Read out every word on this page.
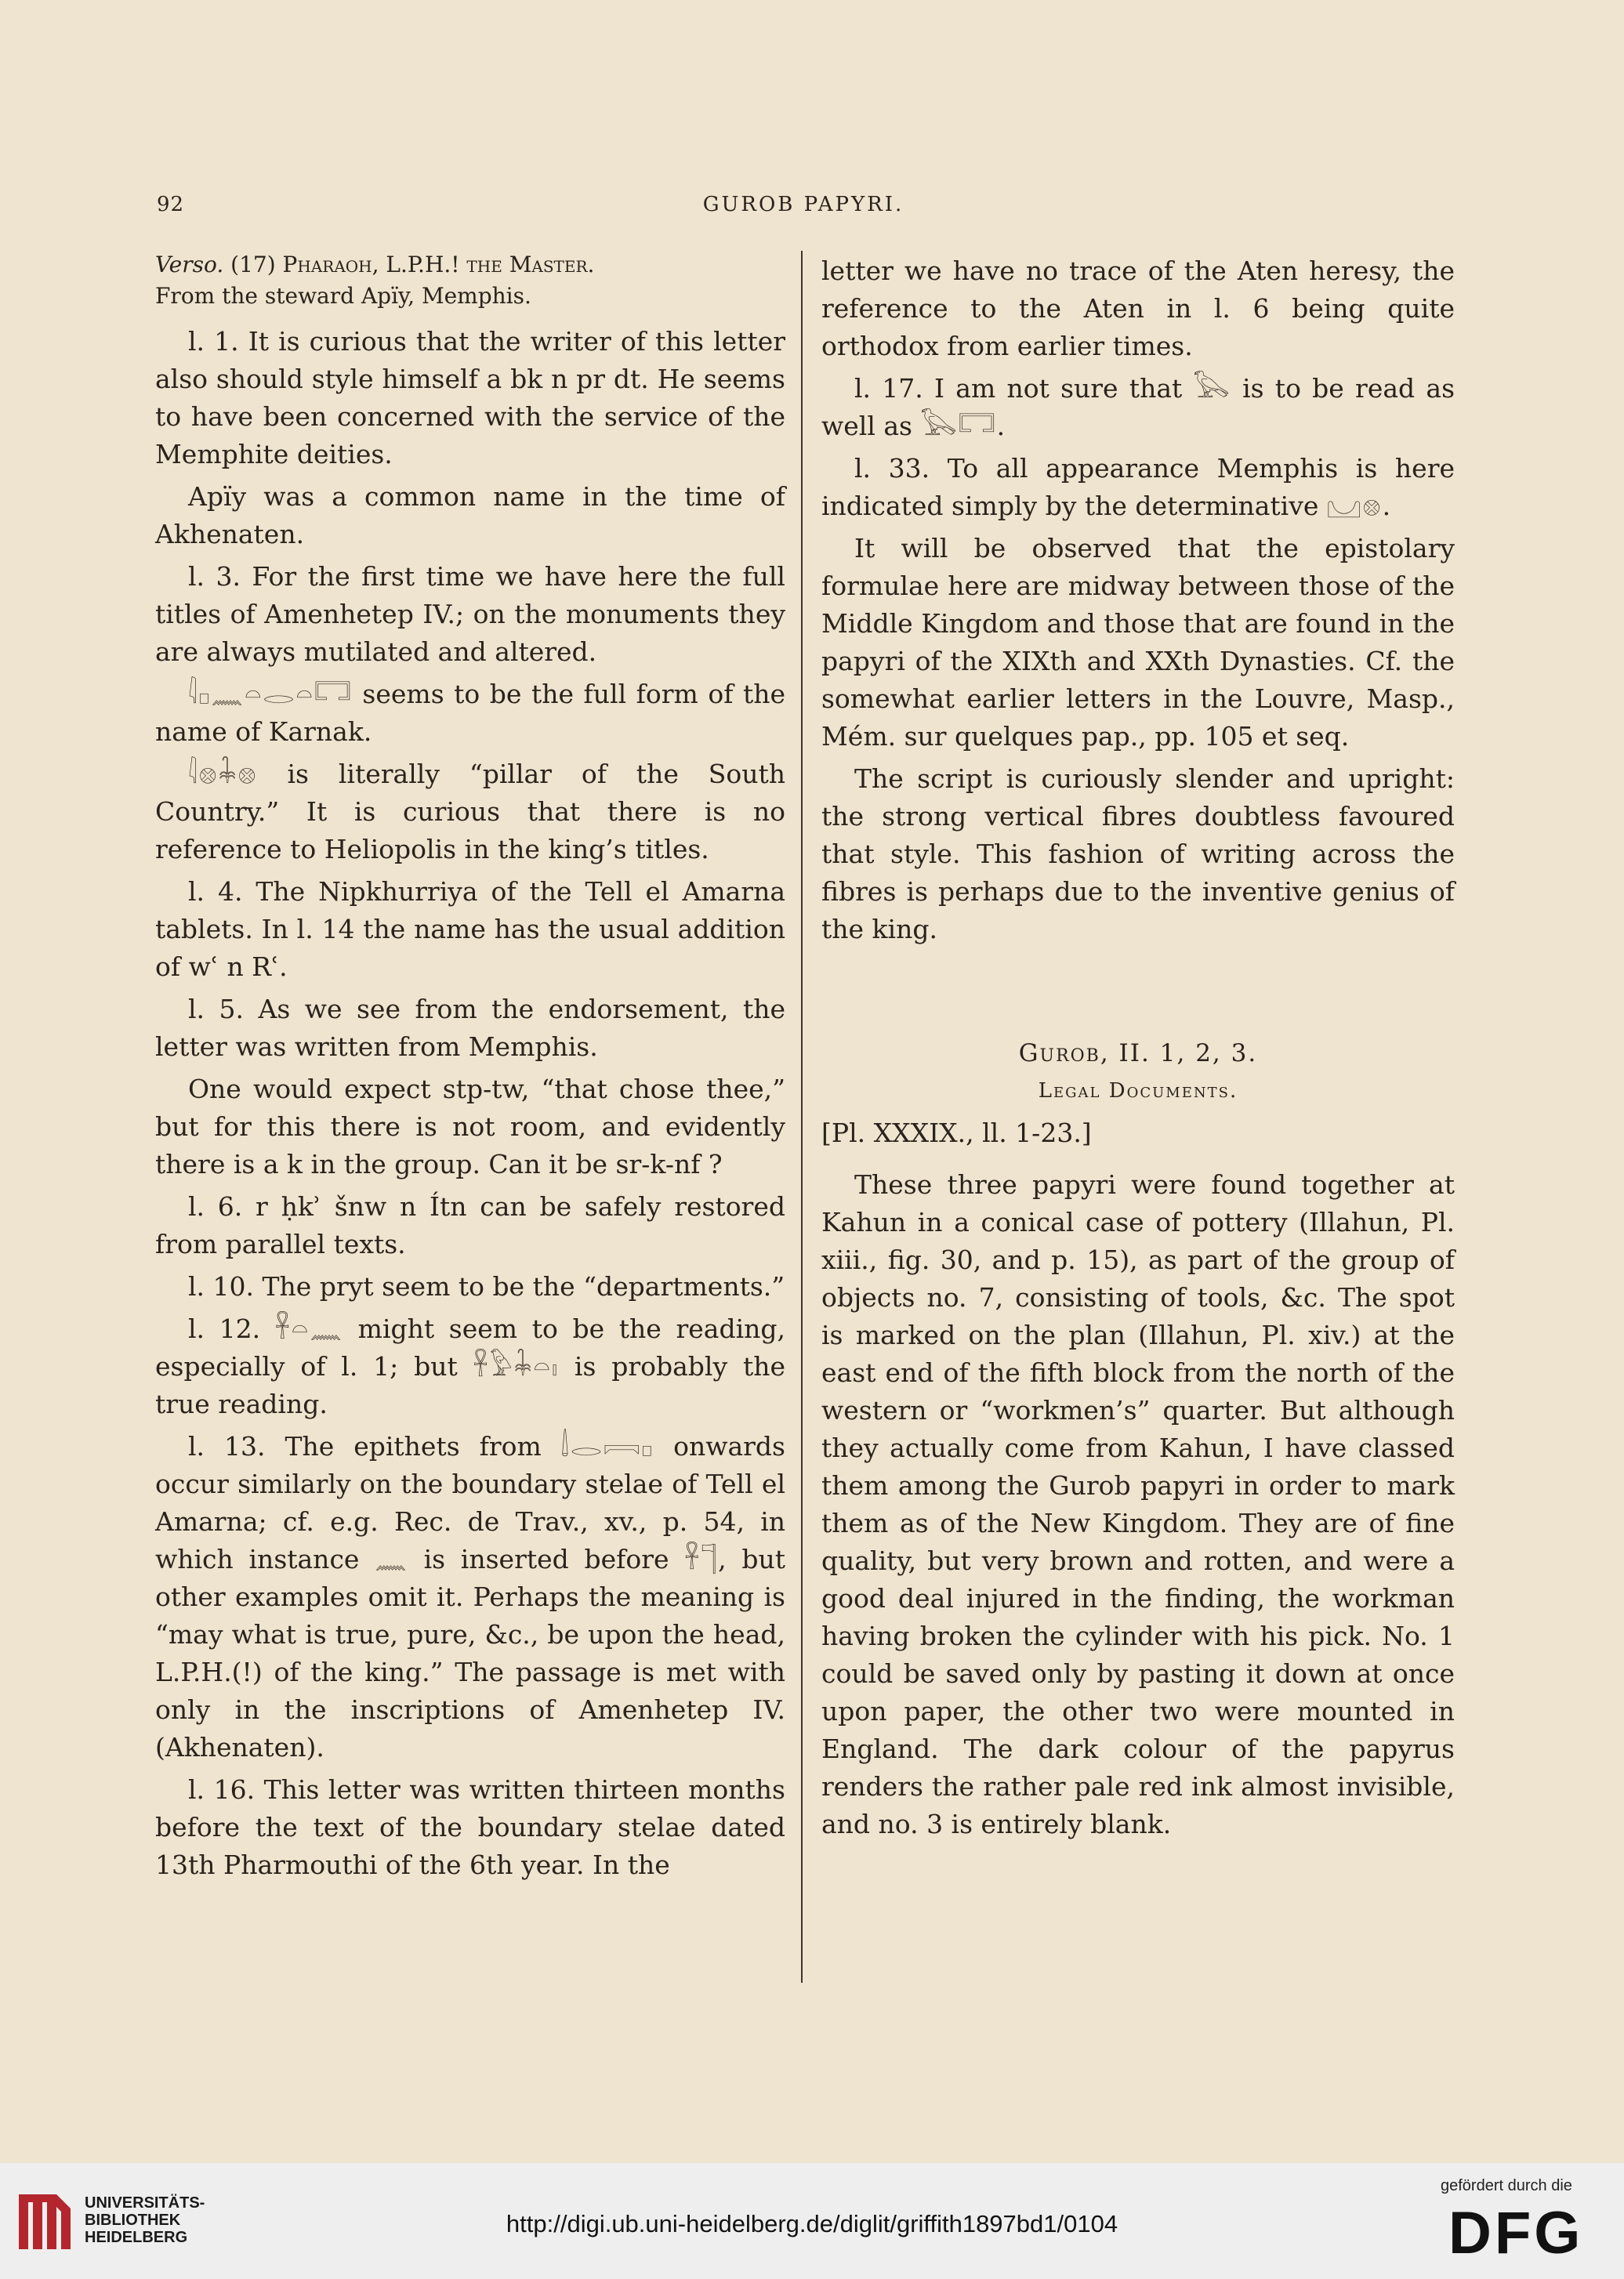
92	GUROB PAPYRI.

Verso. (17) Pharaoh, L.P.H.! the Master.
From the steward Apïy, Memphis.

l. 1. It is curious that the writer of this letter also should style himself a bk n pr dt. He seems to have been concerned with the service of the Memphite deities.

Apïy was a common name in the time of Akhenaten.

l. 3. For the first time we have here the full titles of Amenhetep IV.; on the monuments they are always mutilated and altered.

𓇋𓊪𓈖𓏏𓂋𓏏𓉐 seems to be the full form of the name of Karnak.

𓇋𓊖𓇓𓊖 is literally “pillar of the South Country.” It is curious that there is no reference to Heliopolis in the king’s titles.

l. 4. The Nipkhurriya of the Tell el Amarna tablets. In l. 14 the name has the usual addition of wʿ n Rʿ.

l. 5. As we see from the endorsement, the letter was written from Memphis.

One would expect stp-tw, “that chose thee,” but for this there is not room, and evidently there is a k in the group. Can it be sr-k-nf ?

l. 6. r ḥkʾ šnw n Ítn can be safely restored from parallel texts.

l. 10. The pryt seem to be the “departments.”

l. 12. 𓋹𓏏𓈖 might seem to be the reading, especially of l. 1; but 𓋹𓅱𓇓𓏏𓏤 is probably the true reading.

l. 13. The epithets from 𓌃𓂋𓇯𓊪 onwards occur similarly on the boundary stelae of Tell el Amarna; cf. e.g. Rec. de Trav., xv., p. 54, in which instance 𓈖 is inserted before 𓋹𓊹, but other examples omit it. Perhaps the meaning is “may what is true, pure, &c., be upon the head, L.P.H.(!) of the king.” The passage is met with only in the inscriptions of Amenhetep IV. (Akhenaten).

l. 16. This letter was written thirteen months before the text of the boundary stelae dated 13th Pharmouthi of the 6th year. In the

letter we have no trace of the Aten heresy, the reference to the Aten in l. 6 being quite orthodox from earlier times.

l. 17. I am not sure that 𓅂 is to be read as well as 𓅂𓉐.

l. 33. To all appearance Memphis is here indicated simply by the determinative 𓈋𓊖.

It will be observed that the epistolary formulae here are midway between those of the Middle Kingdom and those that are found in the papyri of the XIXth and XXth Dynasties. Cf. the somewhat earlier letters in the Louvre, Masp., Mém. sur quelques pap., pp. 105 et seq.

The script is curiously slender and upright: the strong vertical fibres doubtless favoured that style. This fashion of writing across the fibres is perhaps due to the inventive genius of the king.

Gurob, II. 1, 2, 3.
Legal Documents.

[Pl. XXXIX., ll. 1-23.]

These three papyri were found together at Kahun in a conical case of pottery (Illahun, Pl. xiii., fig. 30, and p. 15), as part of the group of objects no. 7, consisting of tools, &c. The spot is marked on the plan (Illahun, Pl. xiv.) at the east end of the fifth block from the north of the western or “workmen’s” quarter. But although they actually come from Kahun, I have classed them among the Gurob papyri in order to mark them as of the New Kingdom. They are of fine quality, but very brown and rotten, and were a good deal injured in the finding, the workman having broken the cylinder with his pick. No. 1 could be saved only by pasting it down at once upon paper, the other two were mounted in England. The dark colour of the papyrus renders the rather pale red ink almost invisible, and no. 3 is entirely blank.

UNIVERSITÄTS-
BIBLIOTHEK
HEIDELBERG	http://digi.ub.uni-heidelberg.de/diglit/griffith1897bd1/0104
gefördert durch die
DFG
